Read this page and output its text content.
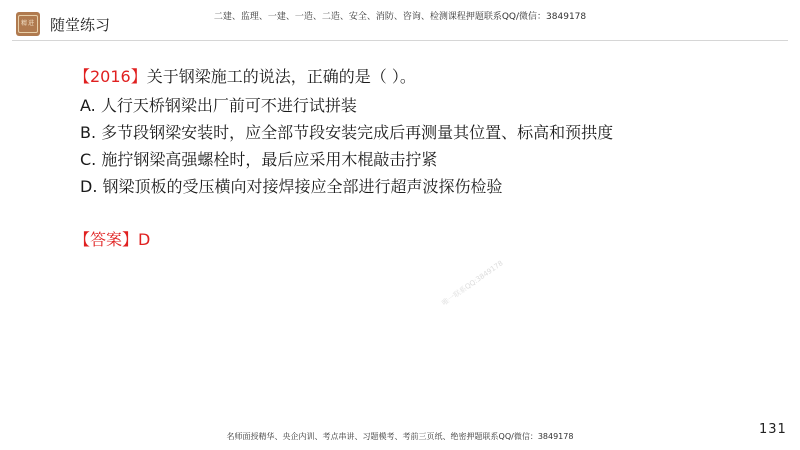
精进 随堂练习	二建、监理、一建、一造、二造、安全、消防、咨询、检测课程押题联系QQ/微信：3849178
【2016】关于钢梁施工的说法，正确的是（ ）。
A. 人行天桥钢梁出厂前可不进行试拼装
B. 多节段钢梁安装时，应全部节段安装完成后再测量其位置、标高和预拱度
C. 施拧钢梁高强螺栓时，最后应采用木棍敲击拧紧
D. 钢梁顶板的受压横向对接焊接应全部进行超声波探伤检验
【答案】D
唯一联系QQ:3849178
名师面授精华、央企内训、考点串讲、习题模考、考前三页纸、绝密押题联系QQ/微信：3849178	131
